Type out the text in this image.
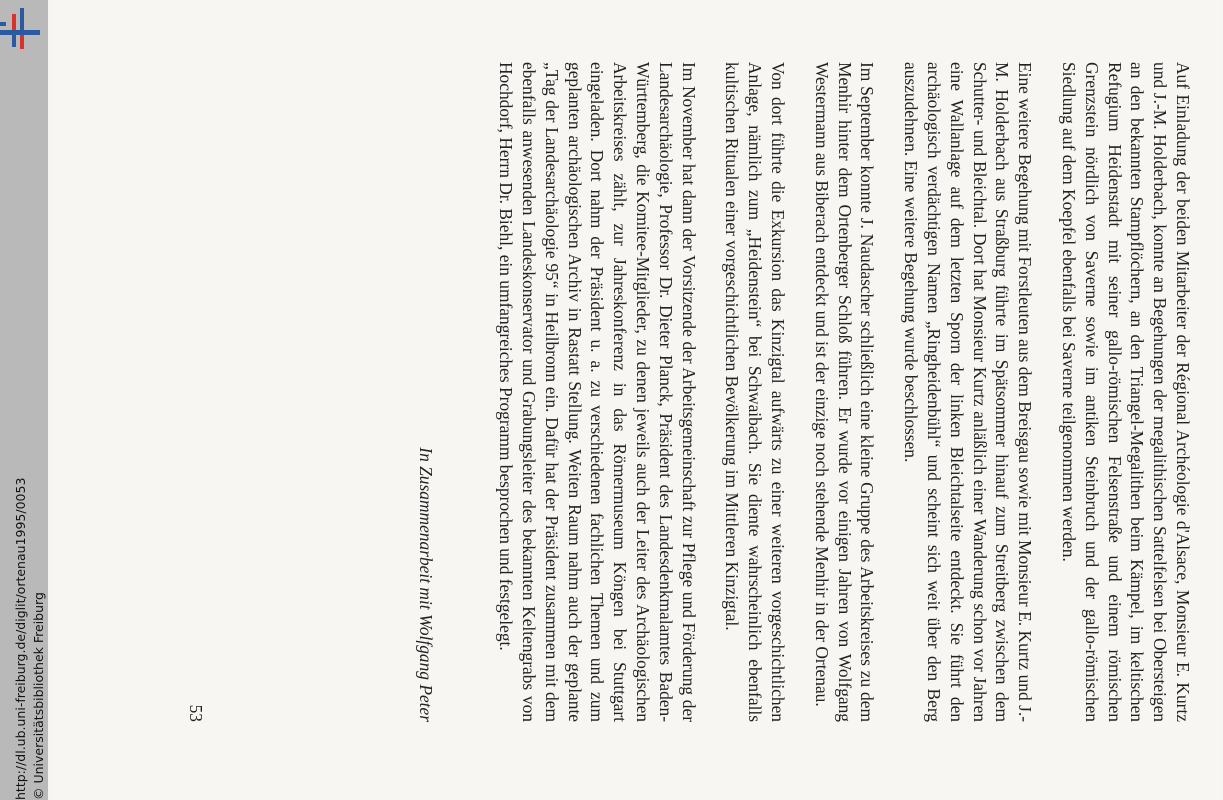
http://dl.ub.uni-freiburg.de/diglit/ortenau1995/0053 © Universitätsbibliothek Freiburg	Auf Einladung der beiden Mitarbeiter der Régional Archéologie d'Alsace, Monsieur E. Kurtz und J.-M. Holderbach, konnte an Begehungen der megalithischen Sattelfelsen bei Obersteigen an den bekannten Stampflöchern, an den Triangel-Megalithen beim Kämpel, im keltischen Refugium Heidenstadt mit seiner gallo-römischen Felsenstraße und einem römischen Grenzstein nördlich von Saverne sowie im antiken Steinbruch und der gallo-römischen Siedlung auf dem Koepfel ebenfalls bei Saverne teilgenommen werden.

Eine weitere Begehung mit Forstleuten aus dem Breisgau sowie mit Monsieur E. Kurtz und J.-M. Holderbach aus Straßburg führte im Spätsommer hinauf zum Streitberg zwischen dem Schutter- und Bleichtal. Dort hat Monsieur Kurtz anläßlich einer Wanderung schon vor Jahren eine Wallanlage auf dem letzten Sporn der linken Bleichtalseite entdeckt. Sie führt den archäologisch verdächtigen Namen „Ringheidenbühl“ und scheint sich weit über den Berg auszudehnen. Eine weitere Begehung wurde beschlossen.

Im September konnte J. Naudascher schließlich eine kleine Gruppe des Arbeitskreises zu dem Menhir hinter dem Ortenberger Schloß führen. Er wurde vor einigen Jahren von Wolfgang Westermann aus Biberach entdeckt und ist der einzige noch stehende Menhir in der Ortenau.

Von dort führte die Exkursion das Kinzigtal aufwärts zu einer weiteren vorgeschichtlichen Anlage, nämlich zum „Heidenstein“ bei Schwaibach. Sie diente wahrscheinlich ebenfalls kultischen Ritualen einer vorgeschichtlichen Bevölkerung im Mittleren Kinzigtal.

Im November hat dann der Vorsitzende der Arbeitsgemeinschaft zur Pflege und Förderung der Landesarchäologie, Professor Dr. Dieter Planck, Präsident des Landesdenkmalamtes Baden-Württemberg, die Komitee-Mitglieder, zu denen jeweils auch der Leiter des Archäologischen Arbeitskreises zählt, zur Jahreskonferenz in das Römermuseum Köngen bei Stuttgart eingeladen. Dort nahm der Präsident u. a. zu verschiedenen fachlichen Themen und zum geplanten archäologischen Archiv in Rastatt Stellung. Weiten Raum nahm auch der geplante „Tag der Landesarchäologie 95“ in Heilbronn ein. Dafür hat der Präsident zusammen mit dem ebenfalls anwesenden Landeskonservator und Grabungsleiter des bekannten Keltengrabs von Hochdorf, Herrn Dr. Biehl, ein umfangreiches Programm besprochen und festgelegt.

In Zusammenarbeit mit Wolfgang Peter
53
